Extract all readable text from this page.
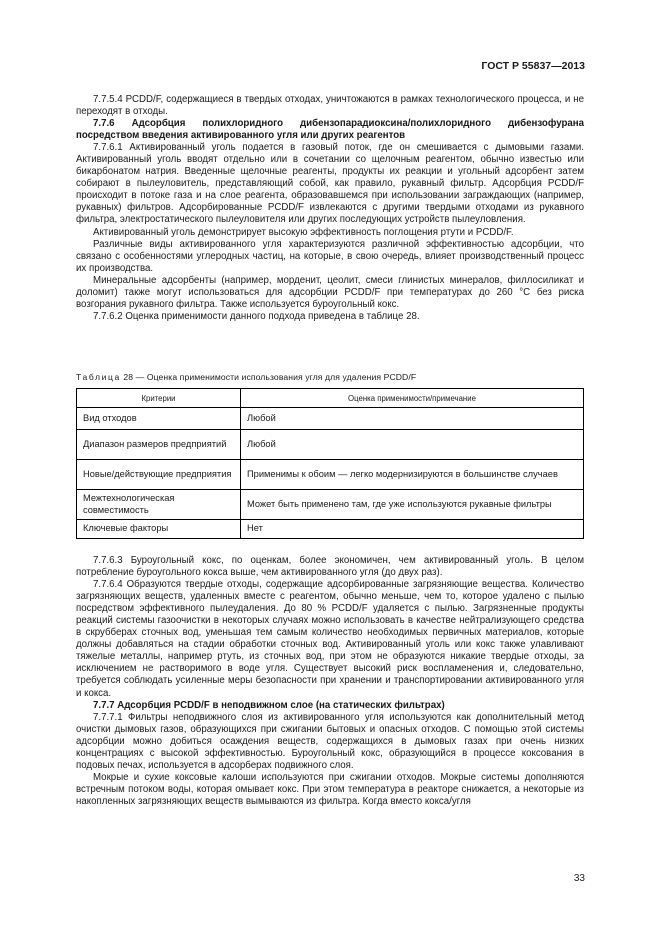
ГОСТ Р 55837—2013

7.7.5.4 PCDD/F, содержащиеся в твердых отходах, уничтожаются в рамках технологического процесса, и не переходят в отходы.

7.7.6 Адсорбция полихлоридного дибензопарадиоксина/полихлоридного дибензофурана посредством введения активированного угля или других реагентов

7.7.6.1 Активированный уголь подается в газовый поток, где он смешивается с дымовыми газами. Активированный уголь вводят отдельно или в сочетании со щелочным реагентом, обычно известью или бикарбонатом натрия. Введенные щелочные реагенты, продукты их реакции и угольный адсорбент затем собирают в пылеуловитель, представляющий собой, как правило, рукавный фильтр. Адсорбция PCDD/F происходит в потоке газа и на слое реагента, образовавшемся при использовании заграждающих (например, рукавных) фильтров. Адсорбированные PCDD/F извлекаются с другими твердыми отходами из рукавного фильтра, электростатического пылеуловителя или других последующих устройств пылеуловления.

Активированный уголь демонстрирует высокую эффективность поглощения ртути и PCDD/F.

Различные виды активированного угля характеризуются различной эффективностью адсорбции, что связано с особенностями углеродных частиц, на которые, в свою очередь, влияет производственный процесс их производства.

Минеральные адсорбенты (например, морденит, цеолит, смеси глинистых минералов, филлосиликат и доломит) также могут использоваться для адсорбции PCDD/F при температурах до 260 °С без риска возгорания рукавного фильтра. Также используется буроугольный кокс.

7.7.6.2 Оценка применимости данного подхода приведена в таблице 28.

Таблица 28 — Оценка применимости использования угля для удаления PCDD/F
Критерии	Оценка применимости/примечание
Вид отходов	Любой
Диапазон размеров предприятий	Любой
Новые/действующие предприятия	Применимы к обоим — легко модернизируются в большинстве случаев
Межтехнологическая совместимость	Может быть применено там, где уже используются рукавные фильтры
Ключевые факторы	Нет

7.7.6.3 Буроугольный кокс, по оценкам, более экономичен, чем активированный уголь. В целом потребление буроугольного кокса выше, чем активированного угля (до двух раз).

7.7.6.4 Образуются твердые отходы, содержащие адсорбированные загрязняющие вещества. Количество загрязняющих веществ, удаленных вместе с реагентом, обычно меньше, чем то, которое удалено с пылью посредством эффективного пылеудаления. До 80 % PCDD/F удаляется с пылью. Загрязненные продукты реакций системы газоочистки в некоторых случаях можно использовать в качестве нейтрализующего средства в скрубберах сточных вод, уменьшая тем самым количество необходимых первичных материалов, которые должны добавляться на стадии обработки сточных вод. Активированный уголь или кокс также улавливают тяжелые металлы, например ртуть, из сточных вод, при этом не образуются никакие твердые отходы, за исключением не растворимого в воде угля. Существует высокий риск воспламенения и, следовательно, требуется соблюдать усиленные меры безопасности при хранении и транспортировании активированного угля и кокса.

7.7.7 Адсорбция PCDD/F в неподвижном слое (на статических фильтрах)

7.7.7.1 Фильтры неподвижного слоя из активированного угля используются как дополнительный метод очистки дымовых газов, образующихся при сжигании бытовых и опасных отходов. С помощью этой системы адсорбции можно добиться осаждения веществ, содержащихся в дымовых газах при очень низких концентрациях с высокой эффективностью. Буроугольный кокс, образующийся в процессе коксования в подовых печах, используется в адсорберах подвижного слоя.

Мокрые и сухие коксовые калоши используются при сжигании отходов. Мокрые системы дополняются встречным потоком воды, которая омывает кокс. При этом температура в реакторе снижается, а некоторые из накопленных загрязняющих веществ вымываются из фильтра. Когда вместо кокса/угля

33
